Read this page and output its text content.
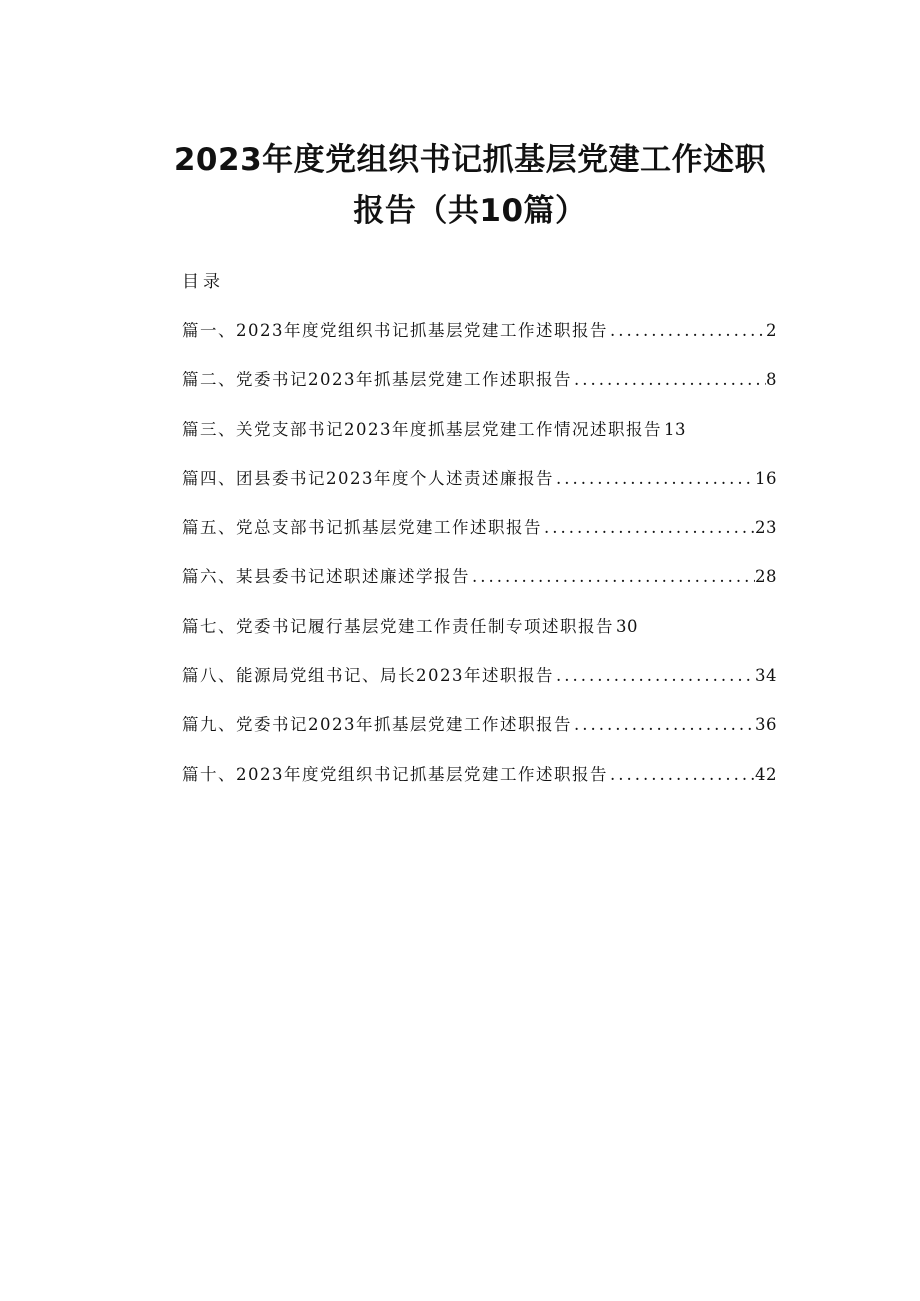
2023年度党组织书记抓基层党建工作述职
报告（共10篇）
目录
篇一、2023年度党组织书记抓基层党建工作述职报告 .....	2
篇二、党委书记2023年抓基层党建工作述职报告 .....	8
篇三、关党支部书记2023年度抓基层党建工作情况述职报告 13
篇四、团县委书记2023年度个人述责述廉报告 .....	16
篇五、党总支部书记抓基层党建工作述职报告 .....	23
篇六、某县委书记述职述廉述学报告 .....	28
篇七、党委书记履行基层党建工作责任制专项述职报告 30
篇八、能源局党组书记、局长2023年述职报告 .....	34
篇九、党委书记2023年抓基层党建工作述职报告 .....	36
篇十、2023年度党组织书记抓基层党建工作述职报告 .....	42
